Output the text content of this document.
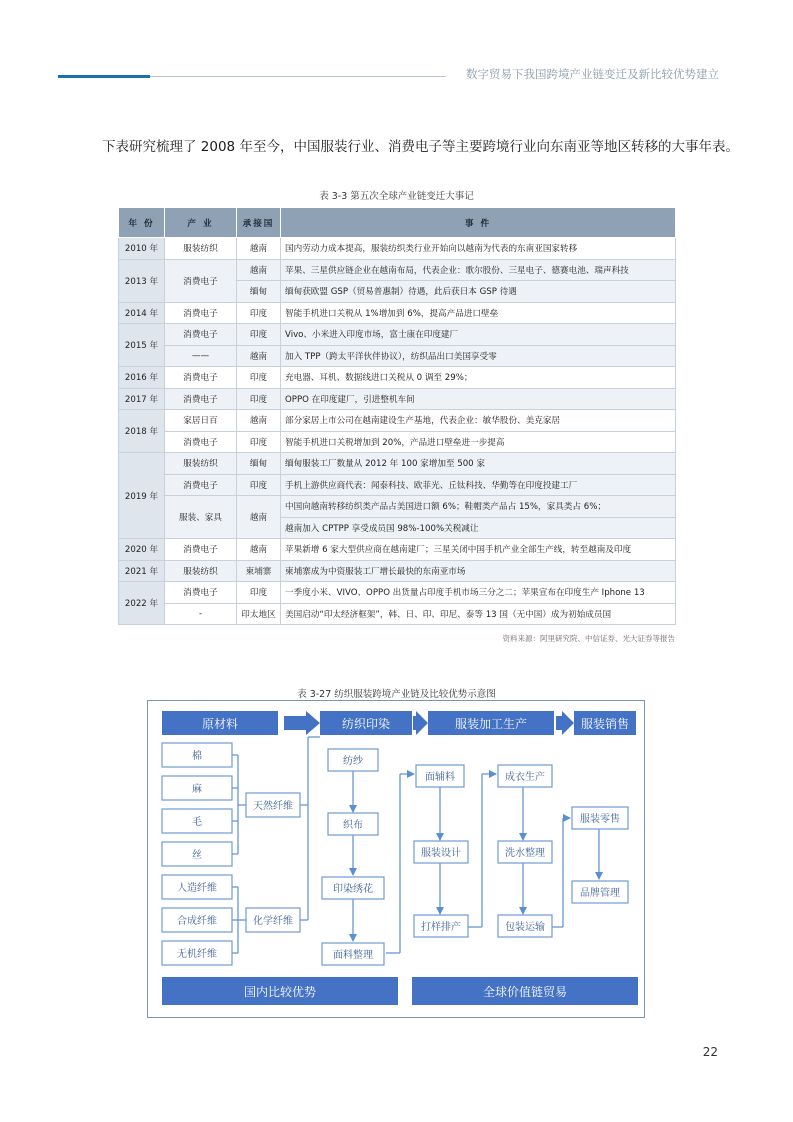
数字贸易下我国跨境产业链变迁及新比较优势建立
下表研究梳理了 2008 年至今，中国服装行业、消费电子等主要跨境行业向东南亚等地区转移的大事年表。
表 3-3 第五次全球产业链变迁大事记
年 份	产 业	承接国	事 件
2010 年	服装纺织	越南	国内劳动力成本提高，服装纺织类行业开始向以越南为代表的东南亚国家转移
2013 年	消费电子	越南	苹果、三星供应链企业在越南布局，代表企业：歌尔股份、三星电子、德赛电池、瑞声科技
		缅甸	缅甸获欧盟 GSP（贸易普惠制）待遇，此后获日本 GSP 待遇
2014 年	消费电子	印度	智能手机进口关税从 1%增加到 6%，提高产品进口壁垒
2015 年	消费电子	印度	Vivo、小米进入印度市场，富士康在印度建厂
	——	越南	加入 TPP（跨太平洋伙伴协议），纺织品出口美国享受零
2016 年	消费电子	印度	充电器、耳机、数据线进口关税从 0 调至 29%；
2017 年	消费电子	印度	OPPO 在印度建厂，引进整机车间
2018 年	家居日百	越南	部分家居上市公司在越南建设生产基地，代表企业：敏华股份、美克家居
	消费电子	印度	智能手机进口关税增加到 20%，产品进口壁垒进一步提高
2019 年	服装纺织	缅甸	缅甸服装工厂数量从 2012 年 100 家增加至 500 家
	消费电子	印度	手机上游供应商代表：闻泰科技、欧菲光、丘钛科技、华勤等在印度投建工厂
	服装、家具	越南	中国向越南转移纺织类产品占美国进口额 6%；鞋帽类产品占 15%，家具类占 6%；
			越南加入 CPTPP 享受成员国 98%-100%关税减让
2020 年	消费电子	越南	苹果新增 6 家大型供应商在越南建厂；三星关闭中国手机产业全部生产线，转至越南及印度
2021 年	服装纺织	柬埔寨	柬埔寨成为中资服装工厂增长最快的东南亚市场
2022 年	消费电子	印度	一季度小米、VIVO、OPPO 出货量占印度手机市场三分之二；苹果宣布在印度生产 Iphone 13
	-	印太地区	美国启动“印太经济框架”，韩、日、印、印尼、泰等 13 国（无中国）成为初始成员国
资料来源：阿里研究院、中信证券、光大证券等报告
表 3-27 纺织服装跨境产业链及比较优势示意图
原材料	纺织印染	服装加工生产	服装销售
棉
麻
毛
丝
人造纤维
合成纤维
无机纤维
天然纤维
化学纤维
纺纱
织布
印染绣花
面料整理
面辅料
服装设计
打样排产
成衣生产
洗水整理
包装运输
服装零售
品牌管理
国内比较优势	全球价值链贸易
22
